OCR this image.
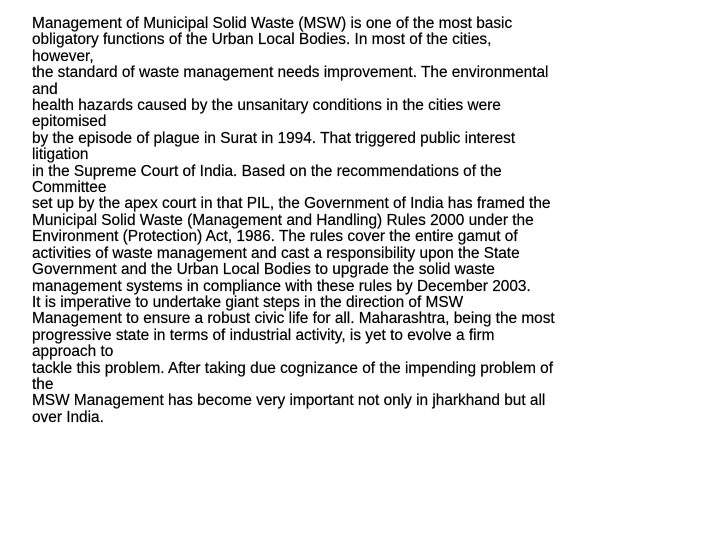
Management of Municipal Solid Waste (MSW) is one of the most basic
obligatory functions of the Urban Local Bodies. In most of the cities,
however,
the standard of waste management needs improvement. The environmental
and
health hazards caused by the unsanitary conditions in the cities were
epitomised
by the episode of plague in Surat in 1994. That triggered public interest
litigation
in the Supreme Court of India. Based on the recommendations of the
Committee
set up by the apex court in that PIL, the Government of India has framed the
Municipal Solid Waste (Management and Handling) Rules 2000 under the
Environment (Protection) Act, 1986. The rules cover the entire gamut of
activities of waste management and cast a responsibility upon the State
Government and the Urban Local Bodies to upgrade the solid waste
management systems in compliance with these rules by December 2003.
It is imperative to undertake giant steps in the direction of MSW
Management to ensure a robust civic life for all. Maharashtra, being the most
progressive state in terms of industrial activity, is yet to evolve a firm
approach to
tackle this problem. After taking due cognizance of the impending problem of
the
MSW Management has become very important not only in jharkhand but all
over India.
